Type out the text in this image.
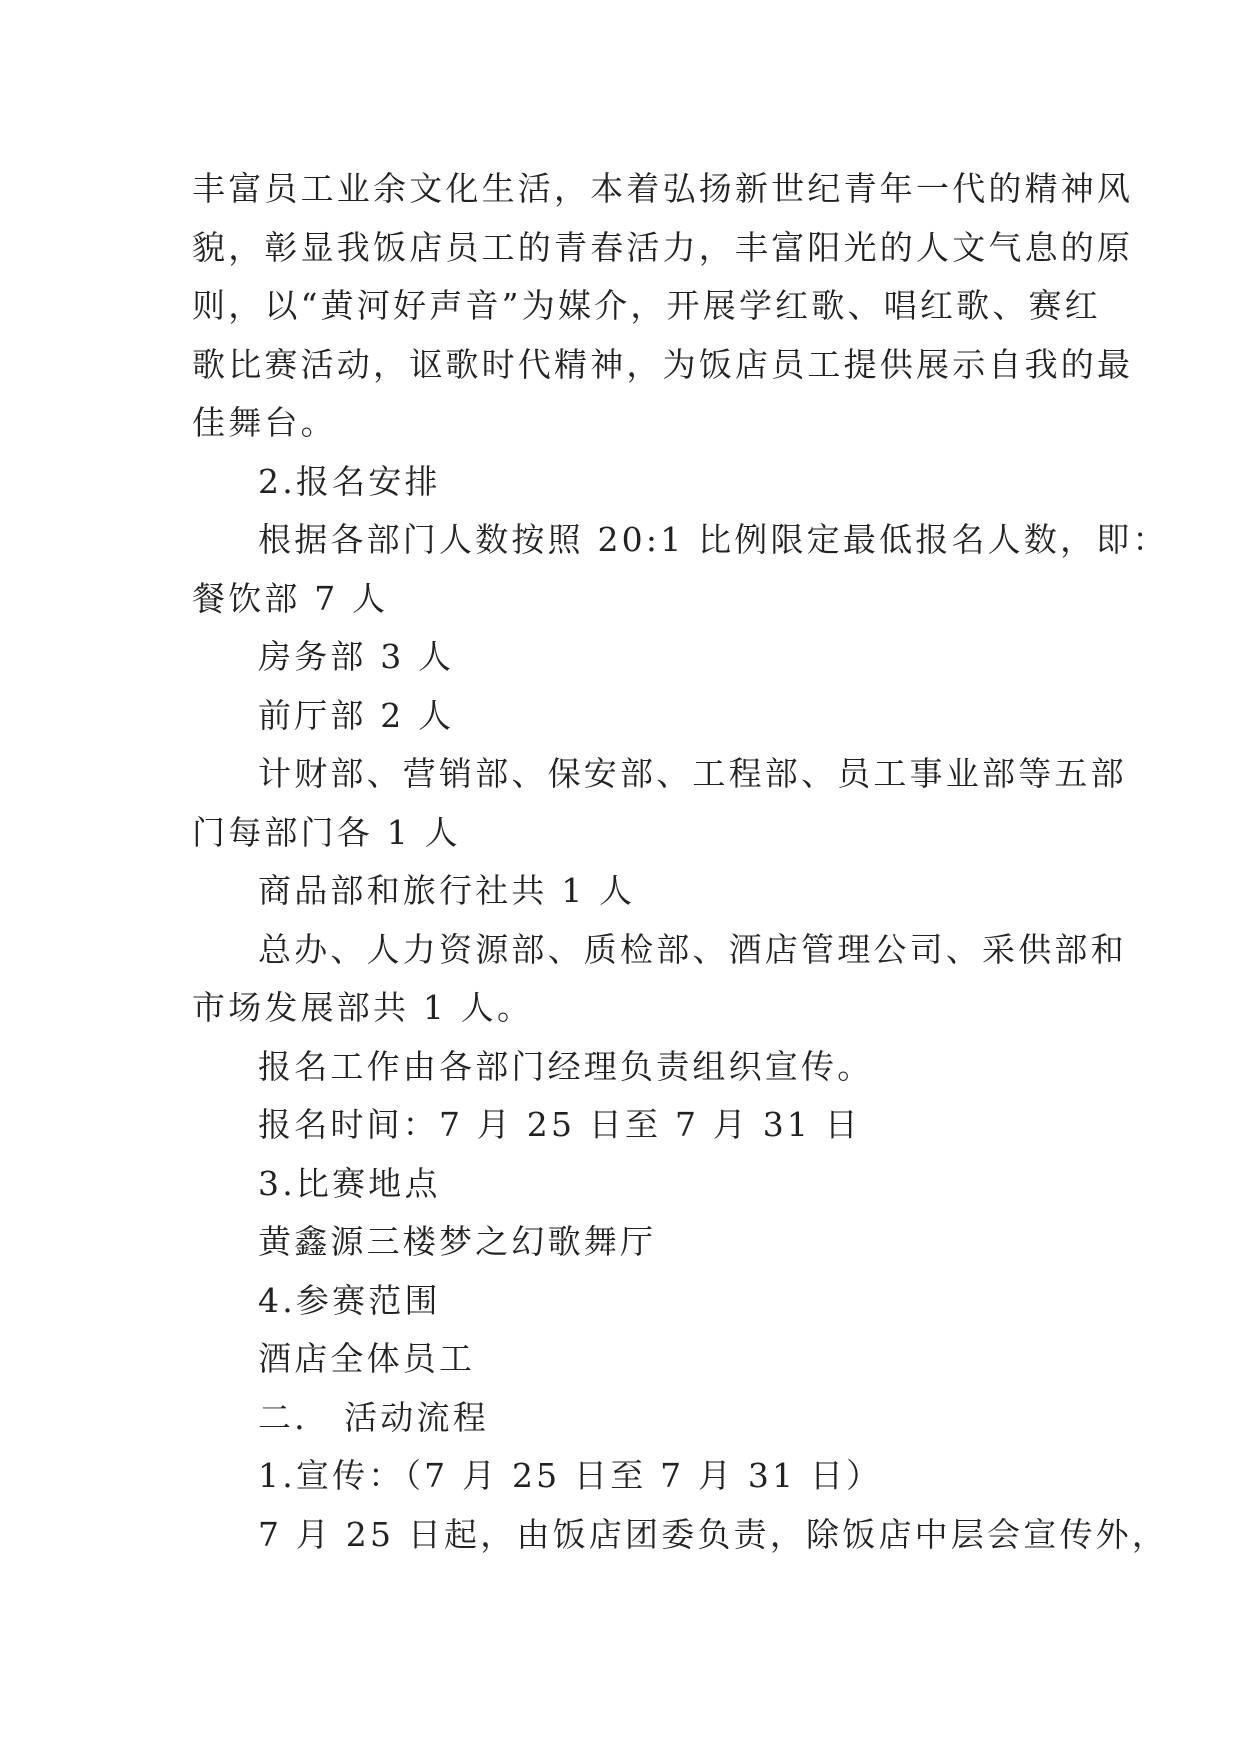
丰富员工业余文化生活，本着弘扬新世纪青年一代的精神风

貌，彰显我饭店员工的青春活力，丰富阳光的人文气息的原

则，以“黄河好声音”为媒介，开展学红歌、唱红歌、赛红

歌比赛活动，讴歌时代精神，为饭店员工提供展示自我的最

佳舞台。

2.报名安排

根据各部门人数按照 20:1 比例限定最低报名人数，即：

餐饮部 7 人

房务部 3 人

前厅部 2 人

计财部、营销部、保安部、工程部、员工事业部等五部

门每部门各 1 人

商品部和旅行社共 1 人

总办、人力资源部、质检部、酒店管理公司、采供部和

市场发展部共 1 人。

报名工作由各部门经理负责组织宣传。

报名时间：7 月 25 日至 7 月 31 日

3.比赛地点

黄鑫源三楼梦之幻歌舞厅

4.参赛范围

酒店全体员工

二． 活动流程

1.宣传：（7 月 25 日至 7 月 31 日）

7 月 25 日起，由饭店团委负责，除饭店中层会宣传外，
